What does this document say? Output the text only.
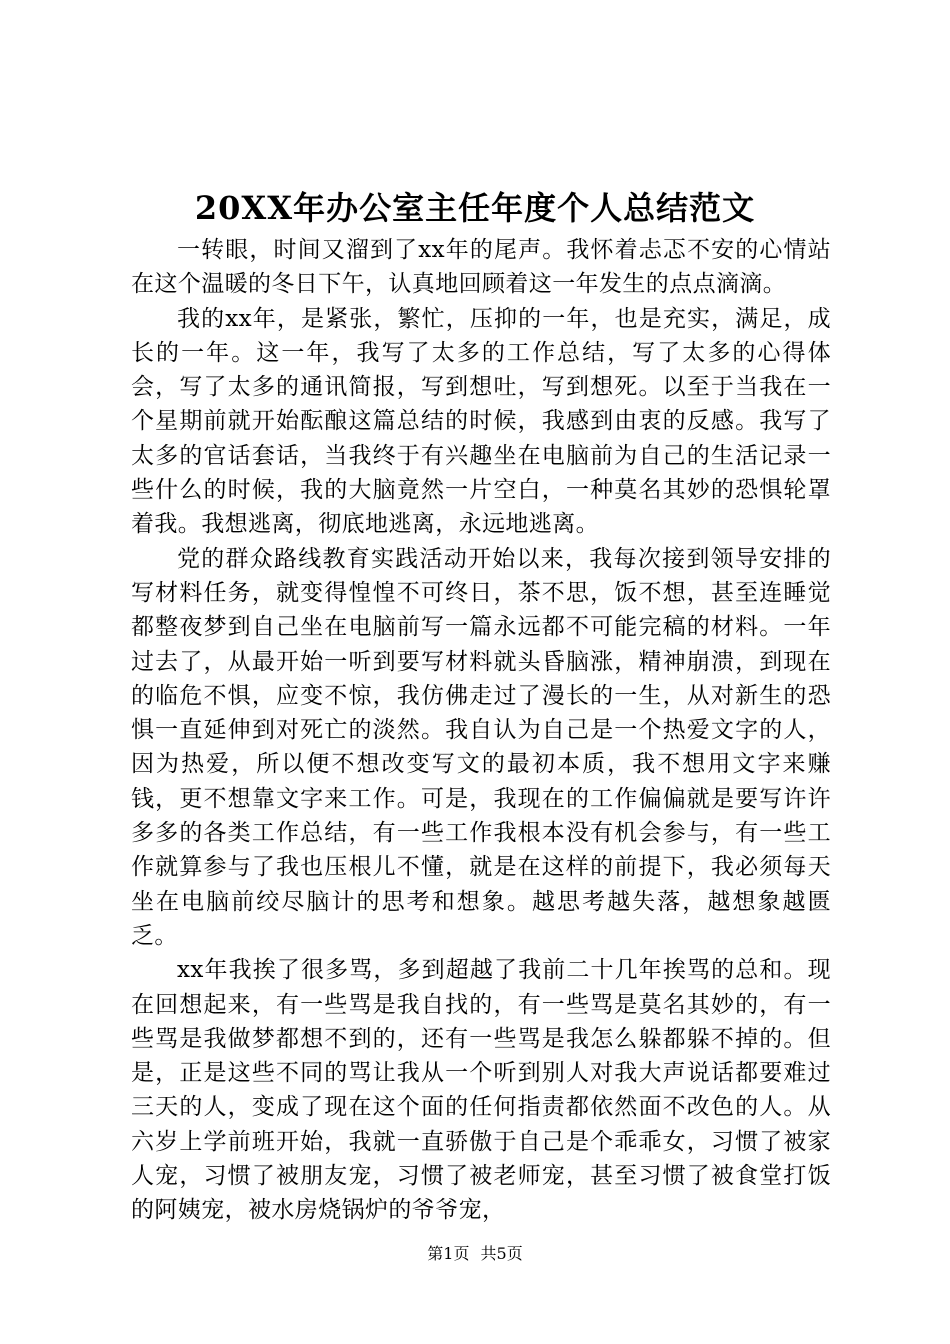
20XX年办公室主任年度个人总结范文

一转眼，时间又溜到了xx年的尾声。我怀着忐忑不安的心情站在这个温暖的冬日下午，认真地回顾着这一年发生的点点滴滴。

我的xx年，是紧张，繁忙，压抑的一年，也是充实，满足，成长的一年。这一年，我写了太多的工作总结，写了太多的心得体会，写了太多的通讯简报，写到想吐，写到想死。以至于当我在一个星期前就开始酝酿这篇总结的时候，我感到由衷的反感。我写了太多的官话套话，当我终于有兴趣坐在电脑前为自己的生活记录一些什么的时候，我的大脑竟然一片空白，一种莫名其妙的恐惧轮罩着我。我想逃离，彻底地逃离，永远地逃离。

党的群众路线教育实践活动开始以来，我每次接到领导安排的写材料任务，就变得惶惶不可终日，茶不思，饭不想，甚至连睡觉都整夜梦到自己坐在电脑前写一篇永远都不可能完稿的材料。一年过去了，从最开始一听到要写材料就头昏脑涨，精神崩溃，到现在的临危不惧，应变不惊，我仿佛走过了漫长的一生，从对新生的恐惧一直延伸到对死亡的淡然。我自认为自己是一个热爱文字的人，因为热爱，所以便不想改变写文的最初本质，我不想用文字来赚钱，更不想靠文字来工作。可是，我现在的工作偏偏就是要写许许多多的各类工作总结，有一些工作我根本没有机会参与，有一些工作就算参与了我也压根儿不懂，就是在这样的前提下，我必须每天坐在电脑前绞尽脑计的思考和想象。越思考越失落，越想象越匮乏。

xx年我挨了很多骂，多到超越了我前二十几年挨骂的总和。现在回想起来，有一些骂是我自找的，有一些骂是莫名其妙的，有一些骂是我做梦都想不到的，还有一些骂是我怎么躲都躲不掉的。但是，正是这些不同的骂让我从一个听到别人对我大声说话都要难过三天的人，变成了现在这个面的任何指责都依然面不改色的人。从六岁上学前班开始，我就一直骄傲于自己是个乖乖女，习惯了被家人宠，习惯了被朋友宠，习惯了被老师宠，甚至习惯了被食堂打饭的阿姨宠，被水房烧锅炉的爷爷宠，

第1页 共5页
